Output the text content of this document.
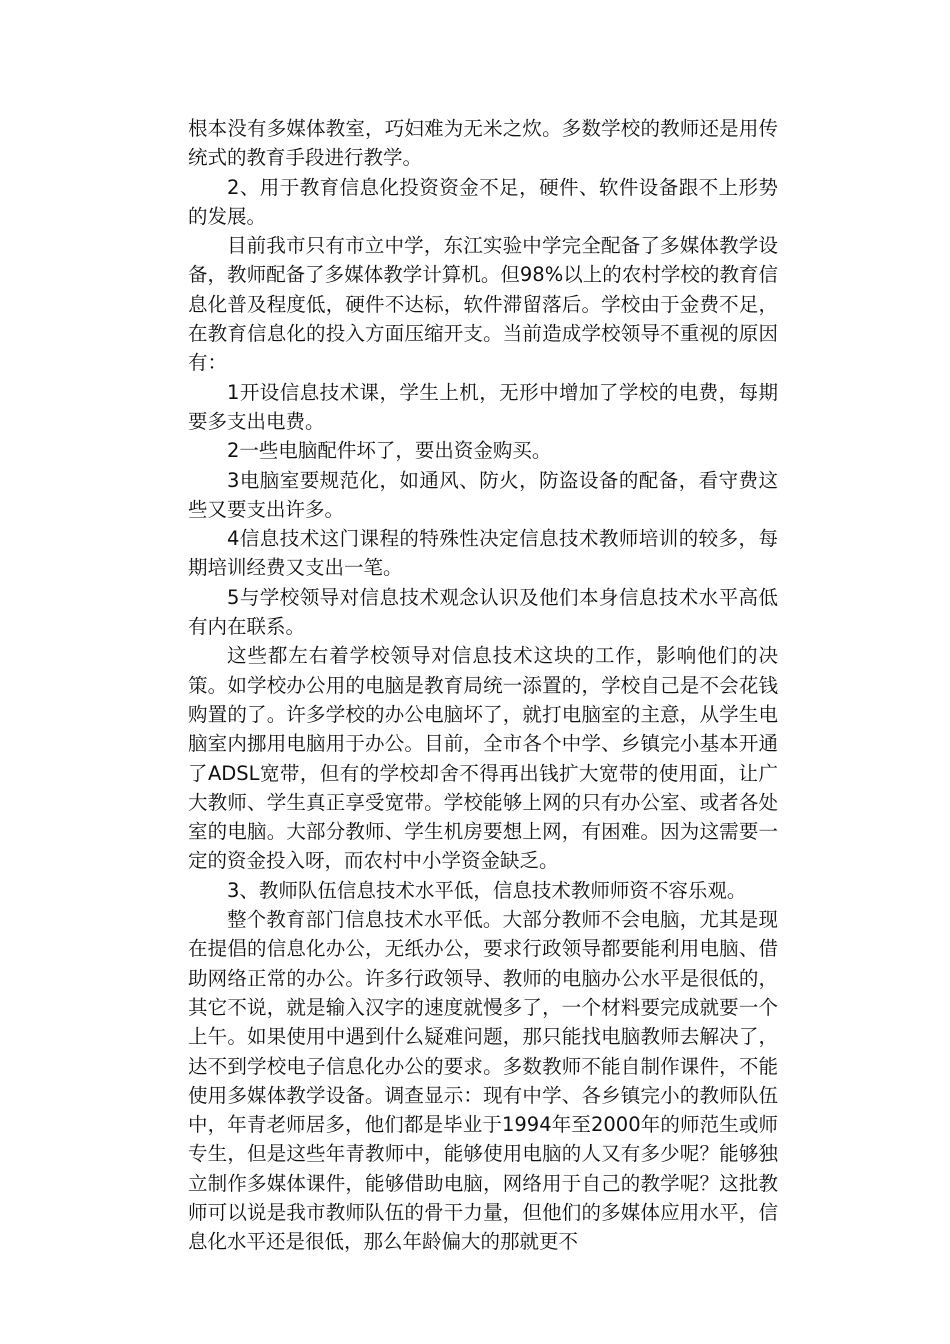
根本没有多媒体教室，巧妇难为无米之炊。多数学校的教师还是用传统式的教育手段进行教学。

2、用于教育信息化投资资金不足，硬件、软件设备跟不上形势的发展。

目前我市只有市立中学，东江实验中学完全配备了多媒体教学设备，教师配备了多媒体教学计算机。但98%以上的农村学校的教育信息化普及程度低，硬件不达标，软件滞留落后。学校由于金费不足，在教育信息化的投入方面压缩开支。当前造成学校领导不重视的原因有：

1开设信息技术课，学生上机，无形中增加了学校的电费，每期要多支出电费。

2一些电脑配件坏了，要出资金购买。

3电脑室要规范化，如通风、防火，防盗设备的配备，看守费这些又要支出许多。

4信息技术这门课程的特殊性决定信息技术教师培训的较多，每期培训经费又支出一笔。

5与学校领导对信息技术观念认识及他们本身信息技术水平高低有内在联系。

这些都左右着学校领导对信息技术这块的工作，影响他们的决策。如学校办公用的电脑是教育局统一添置的，学校自己是不会花钱购置的了。许多学校的办公电脑坏了，就打电脑室的主意，从学生电脑室内挪用电脑用于办公。目前，全市各个中学、乡镇完小基本开通了ADSL宽带，但有的学校却舍不得再出钱扩大宽带的使用面，让广大教师、学生真正享受宽带。学校能够上网的只有办公室、或者各处室的电脑。大部分教师、学生机房要想上网，有困难。因为这需要一定的资金投入呀，而农村中小学资金缺乏。

3、教师队伍信息技术水平低，信息技术教师师资不容乐观。

整个教育部门信息技术水平低。大部分教师不会电脑，尤其是现在提倡的信息化办公，无纸办公，要求行政领导都要能利用电脑、借助网络正常的办公。许多行政领导、教师的电脑办公水平是很低的，其它不说，就是输入汉字的速度就慢多了，一个材料要完成就要一个上午。如果使用中遇到什么疑难问题，那只能找电脑教师去解决了，达不到学校电子信息化办公的要求。多数教师不能自制作课件，不能使用多媒体教学设备。调查显示：现有中学、各乡镇完小的教师队伍中，年青老师居多，他们都是毕业于1994年至2000年的师范生或师专生，但是这些年青教师中，能够使用电脑的人又有多少呢？能够独立制作多媒体课件，能够借助电脑，网络用于自己的教学呢？这批教师可以说是我市教师队伍的骨干力量，但他们的多媒体应用水平，信息化水平还是很低，那么年龄偏大的那就更不
